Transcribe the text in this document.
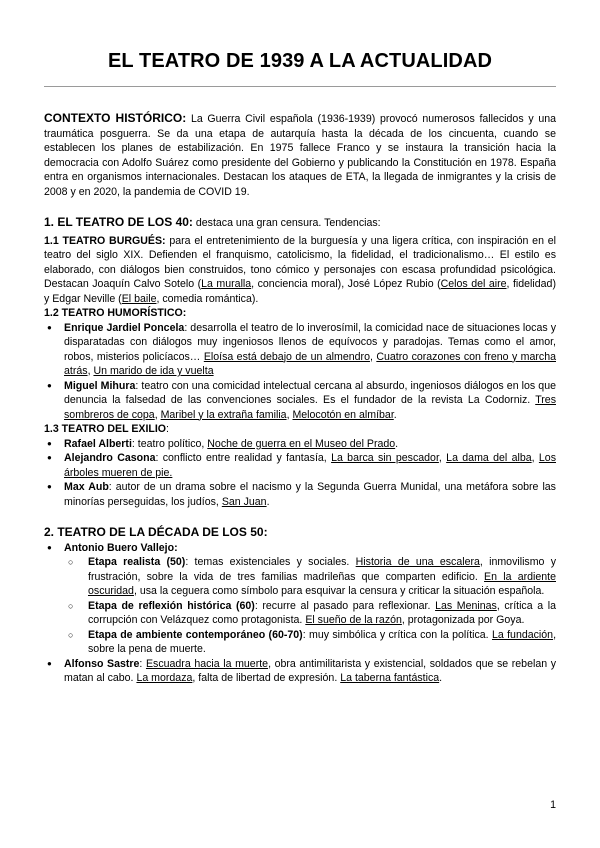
EL TEATRO DE 1939 A LA ACTUALIDAD

CONTEXTO HISTÓRICO: La Guerra Civil española (1936-1939) provocó numerosos fallecidos y una traumática posguerra. Se da una etapa de autarquía hasta la década de los cincuenta, cuando se establecen los planes de estabilización. En 1975 fallece Franco y se instaura la transición hacia la democracia con Adolfo Suárez como presidente del Gobierno y publicando la Constitución en 1978. España entra en organismos internacionales. Destacan los ataques de ETA, la llegada de inmigrantes y la crisis de 2008 y en 2020, la pandemia de COVID 19.

1. EL TEATRO DE LOS 40: destaca una gran censura. Tendencias:

1.1 TEATRO BURGUÉS: para el entretenimiento de la burguesía y una ligera crítica, con inspiración en el teatro del siglo XIX. Defienden el franquismo, catolicismo, la fidelidad, el tradicionalismo… El estilo es elaborado, con diálogos bien construidos, tono cómico y personajes con escasa profundidad psicológica. Destacan Joaquín Calvo Sotelo (La muralla, conciencia moral), José López Rubio (Celos del aire, fidelidad) y Edgar Neville (El baile, comedia romántica).

1.2 TEATRO HUMORÍSTICO:

● Enrique Jardiel Poncela: desarrolla el teatro de lo inverosímil, la comicidad nace de situaciones locas y disparatadas con diálogos muy ingeniosos llenos de equívocos y paradojas. Temas como el amor, robos, misterios policíacos… Eloísa está debajo de un almendro, Cuatro corazones con freno y marcha atrás, Un marido de ida y vuelta
● Miguel Mihura: teatro con una comicidad intelectual cercana al absurdo, ingeniosos diálogos en los que denuncia la falsedad de las convenciones sociales. Es el fundador de la revista La Codorniz. Tres sombreros de copa, Maribel y la extraña familia, Melocotón en almíbar.

1.3 TEATRO DEL EXILIO:

● Rafael Alberti: teatro político, Noche de guerra en el Museo del Prado.
● Alejandro Casona: conflicto entre realidad y fantasía, La barca sin pescador, La dama del alba, Los árboles mueren de pie.
● Max Aub: autor de un drama sobre el nacismo y la Segunda Guerra Munidal, una metáfora sobre las minorías perseguidas, los judíos, San Juan.

2. TEATRO DE LA DÉCADA DE LOS 50:

● Antonio Buero Vallejo:
○ Etapa realista (50): temas existenciales y sociales. Historia de una escalera, inmovilismo y frustración, sobre la vida de tres familias madrileñas que comparten edificio. En la ardiente oscuridad, usa la ceguera como símbolo para esquivar la censura y criticar la situación española.
○ Etapa de reflexión histórica (60): recurre al pasado para reflexionar. Las Meninas, crítica a la corrupción con Velázquez como protagonista. El sueño de la razón, protagonizada por Goya.
○ Etapa de ambiente contemporáneo (60-70): muy simbólica y crítica con la política. La fundación, sobre la pena de muerte.
● Alfonso Sastre: Escuadra hacia la muerte, obra antimilitarista y existencial, soldados que se rebelan y matan al cabo. La mordaza, falta de libertad de expresión. La taberna fantástica.
1
